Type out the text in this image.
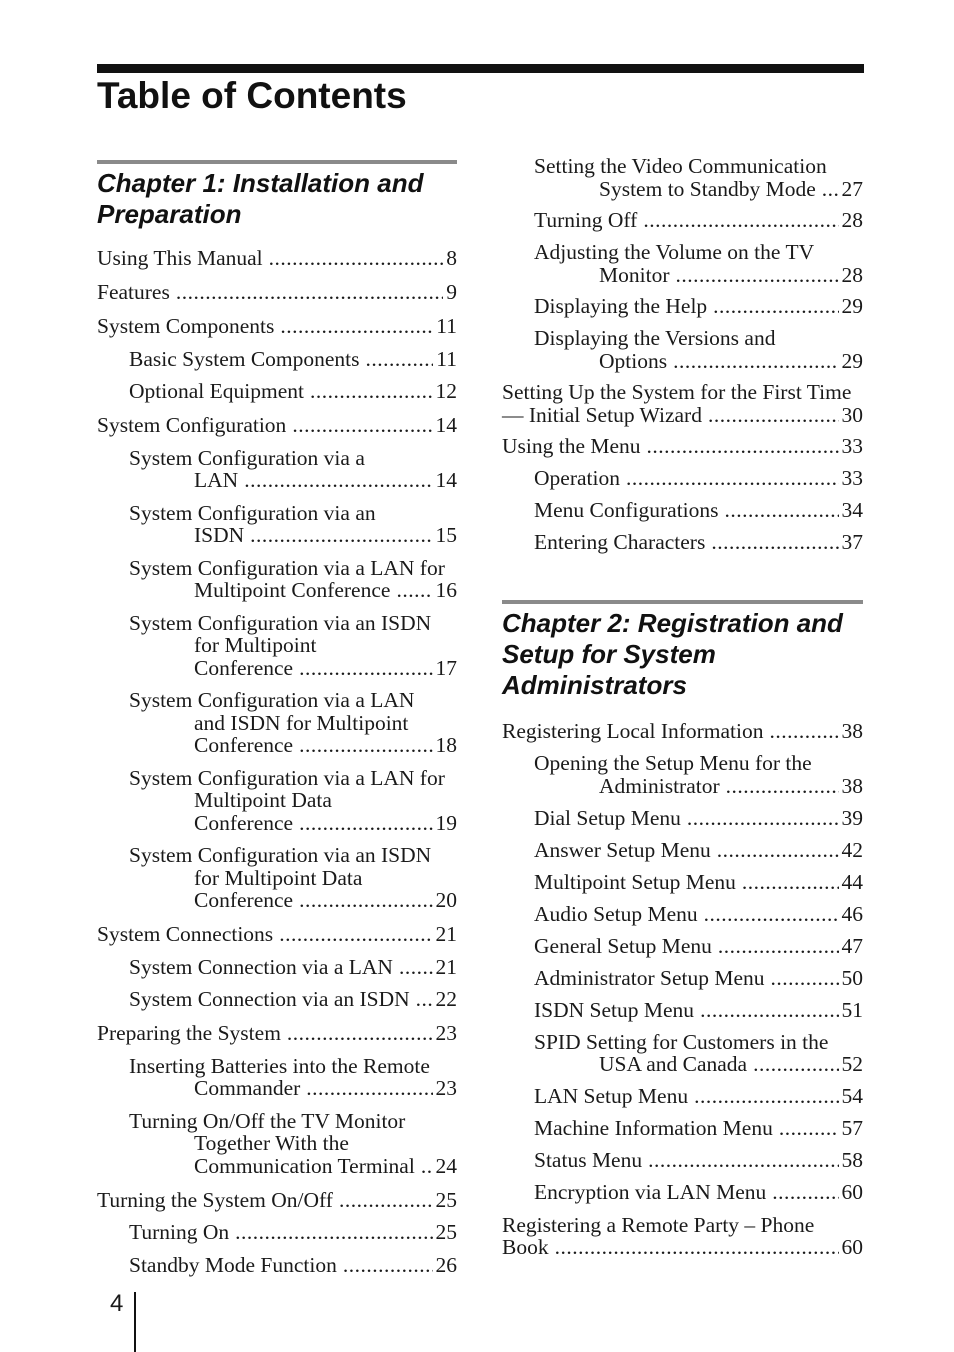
Table of Contents
Chapter 1: Installation and
Preparation
Using This Manual .....	8
Features .....	9
System Components .....	11
Basic System Components .....	11
Optional Equipment .....	12
System Configuration .....	14
System Configuration via a
LAN .....	14
System Configuration via an
ISDN .....	15
System Configuration via a LAN for
Multipoint Conference ..... 16
System Configuration via an ISDN
for Multipoint
Conference .....	17
System Configuration via a LAN
and ISDN for Multipoint
Conference .....	18
System Configuration via a LAN for
Multipoint Data
Conference .....	19
System Configuration via an ISDN
for Multipoint Data
Conference .....	20
System Connections .....	21
System Connection via a LAN ..... 21
System Connection via an ISDN ..... 22
Preparing the System .....	23
Inserting Batteries into the Remote
Commander .....	23
Turning On/Off the TV Monitor
Together With the
Communication Terminal ..... 24
Turning the System On/Off .....	25
Turning On .....	25
Standby Mode Function .....	26
Setting the Video Communication
System to Standby Mode ..... 27
Turning Off .....	28
Adjusting the Volume on the TV
Monitor .....	28
Displaying the Help .....	29
Displaying the Versions and
Options .....	29
Setting Up the System for the First Time
— Initial Setup Wizard .....	30
Using the Menu .....	33
Operation .....	33
Menu Configurations .....	34
Entering Characters .....	37
Chapter 2: Registration and
Setup for System
Administrators
Registering Local Information .....	38
Opening the Setup Menu for the
Administrator .....	38
Dial Setup Menu .....	39
Answer Setup Menu .....	42
Multipoint Setup Menu .....	44
Audio Setup Menu .....	46
General Setup Menu .....	47
Administrator Setup Menu .....	50
ISDN Setup Menu .....	51
SPID Setting for Customers in the
USA and Canada .....	52
LAN Setup Menu .....	54
Machine Information Menu .....	57
Status Menu .....	58
Encryption via LAN Menu .....	60
Registering a Remote Party – Phone
Book .....	60
4
